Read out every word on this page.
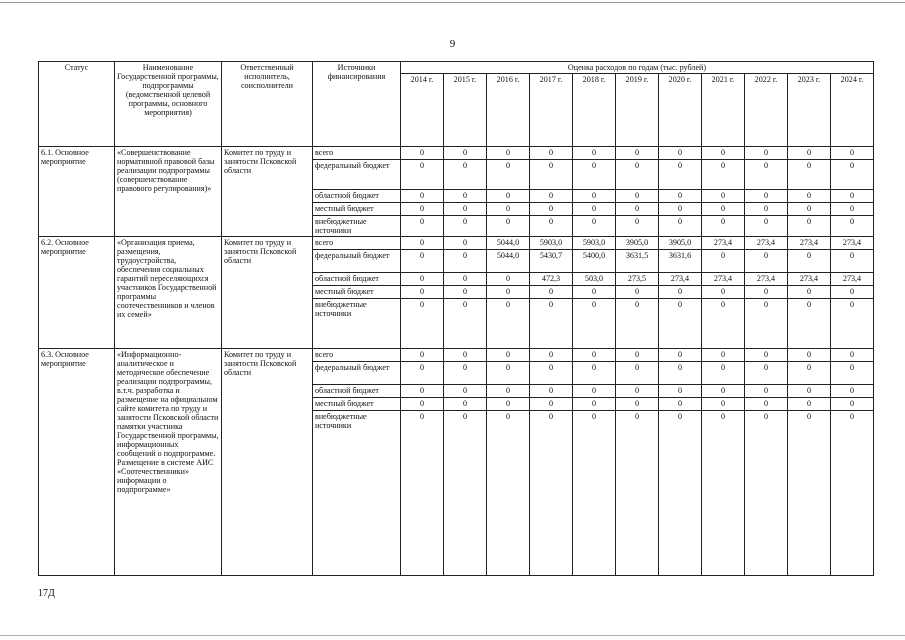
9
Статус	Наименование Государственной программы, подпрограммы (ведомственной целевой программы, основного мероприятия)	Ответственный исполнитель, соисполнители	Источники финансирования	Оценка расходов по годам (тыс. рублей)										
				2014 г.	2015 г.	2016 г.	2017 г.	2018 г.	2019 г.	2020 г.	2021 г.	2022 г.	2023 г.	2024 г.
6.1. Основное мероприятие	«Совершенствование нормативной правовой базы реализации подпрограммы (совершенствование правового регулирования)»	Комитет по труду и занятости Псковской области	всего	0	0	0	0	0	0	0	0	0	0	0
			федеральный бюджет	0	0	0	0	0	0	0	0	0	0	0
			областной бюджет	0	0	0	0	0	0	0	0	0	0	0
			местный бюджет	0	0	0	0	0	0	0	0	0	0	0
			внебюджетные источники	0	0	0	0	0	0	0	0	0	0	0
6.2. Основное мероприятие	«Организация приема, размещения, трудоустройства, обеспечения социальных гарантий переселяющихся участников Государственной программы соотечественников и членов их семей»	Комитет по труду и занятости Псковской области	всего	0	0	5044,0	5903,0	5903,0	3905,0	3905,0	273,4	273,4	273,4	273,4
			федеральный бюджет	0	0	5044,0	5430,7	5400,0	3631,5	3631,6	0	0	0	0
			областной бюджет	0	0	0	472,3	503,0	273,5	273,4	273,4	273,4	273,4	273,4
			местный бюджет	0	0	0	0	0	0	0	0	0	0	0
			внебюджетные источники	0	0	0	0	0	0	0	0	0	0	0
6.3. Основное мероприятие	«Информационно-аналитическое и методическое обеспечение реализации подпрограммы, в.т.ч. разработка и размещение на официальном сайте комитета по труду и занятости Псковской области памятки участника Государственной программы, информационных сообщений о подпрограмме. Размещение в системе АИС «Соотечественники» информации о подпрограмме»	Комитет по труду и занятости Псковской области	всего	0	0	0	0	0	0	0	0	0	0	0
			федеральный бюджет	0	0	0	0	0	0	0	0	0	0	0
			областной бюджет	0	0	0	0	0	0	0	0	0	0	0
			местный бюджет	0	0	0	0	0	0	0	0	0	0	0
			внебюджетные источники	0	0	0	0	0	0	0	0	0	0	0
17Д
